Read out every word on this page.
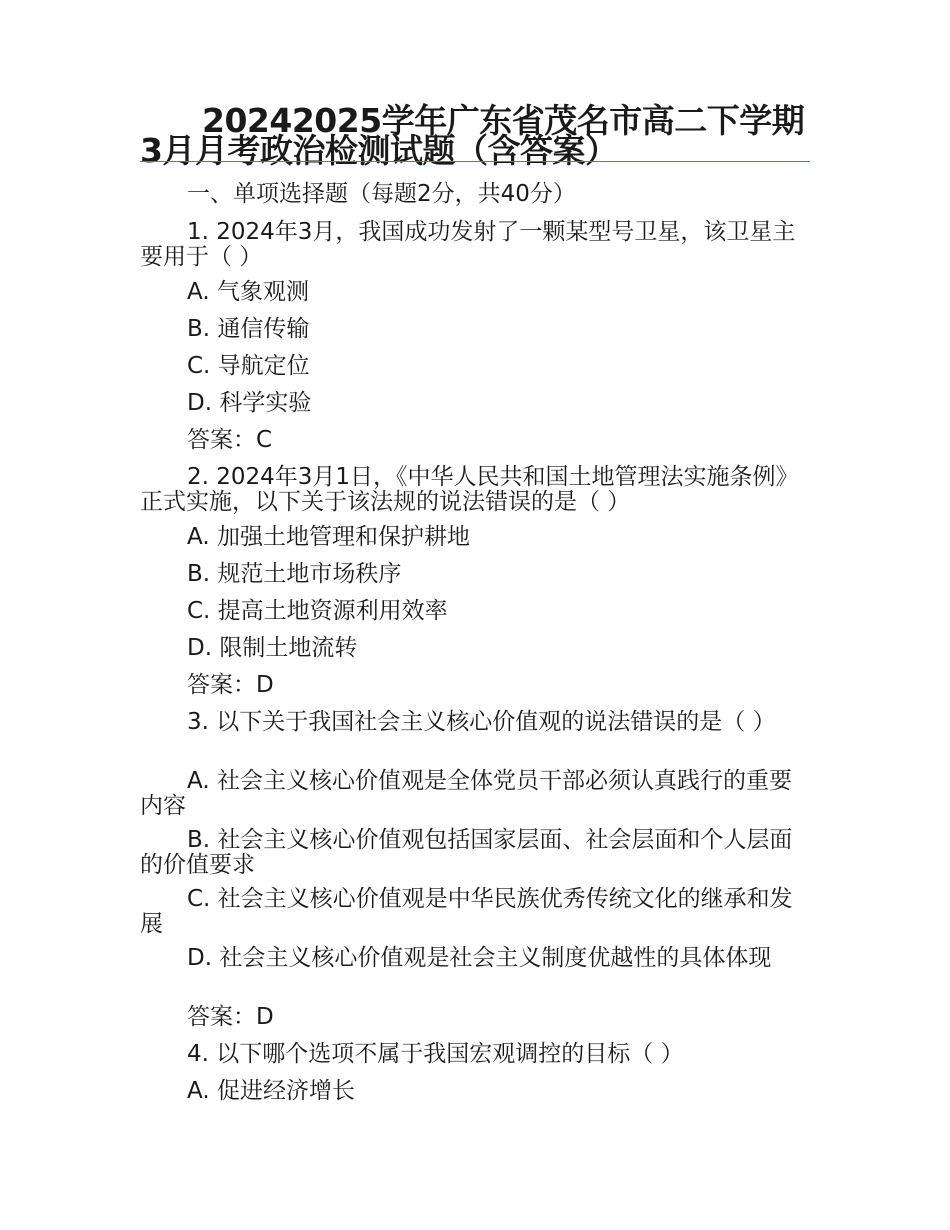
20242025学年广东省茂名市高二下学期3月月考政治检测试题（含答案）

一、单项选择题（每题2分，共40分）

1. 2024年3月，我国成功发射了一颗某型号卫星，该卫星主要用于（ ）

A. 气象观测

B. 通信传输

C. 导航定位

D. 科学实验

答案：C

2. 2024年3月1日，《中华人民共和国土地管理法实施条例》正式实施，以下关于该法规的说法错误的是（ ）

A. 加强土地管理和保护耕地

B. 规范土地市场秩序

C. 提高土地资源利用效率

D. 限制土地流转

答案：D

3. 以下关于我国社会主义核心价值观的说法错误的是（ ）

A. 社会主义核心价值观是全体党员干部必须认真践行的重要内容

B. 社会主义核心价值观包括国家层面、社会层面和个人层面的价值要求

C. 社会主义核心价值观是中华民族优秀传统文化的继承和发展

D. 社会主义核心价值观是社会主义制度优越性的具体体现

答案：D

4. 以下哪个选项不属于我国宏观调控的目标（ ）

A. 促进经济增长
